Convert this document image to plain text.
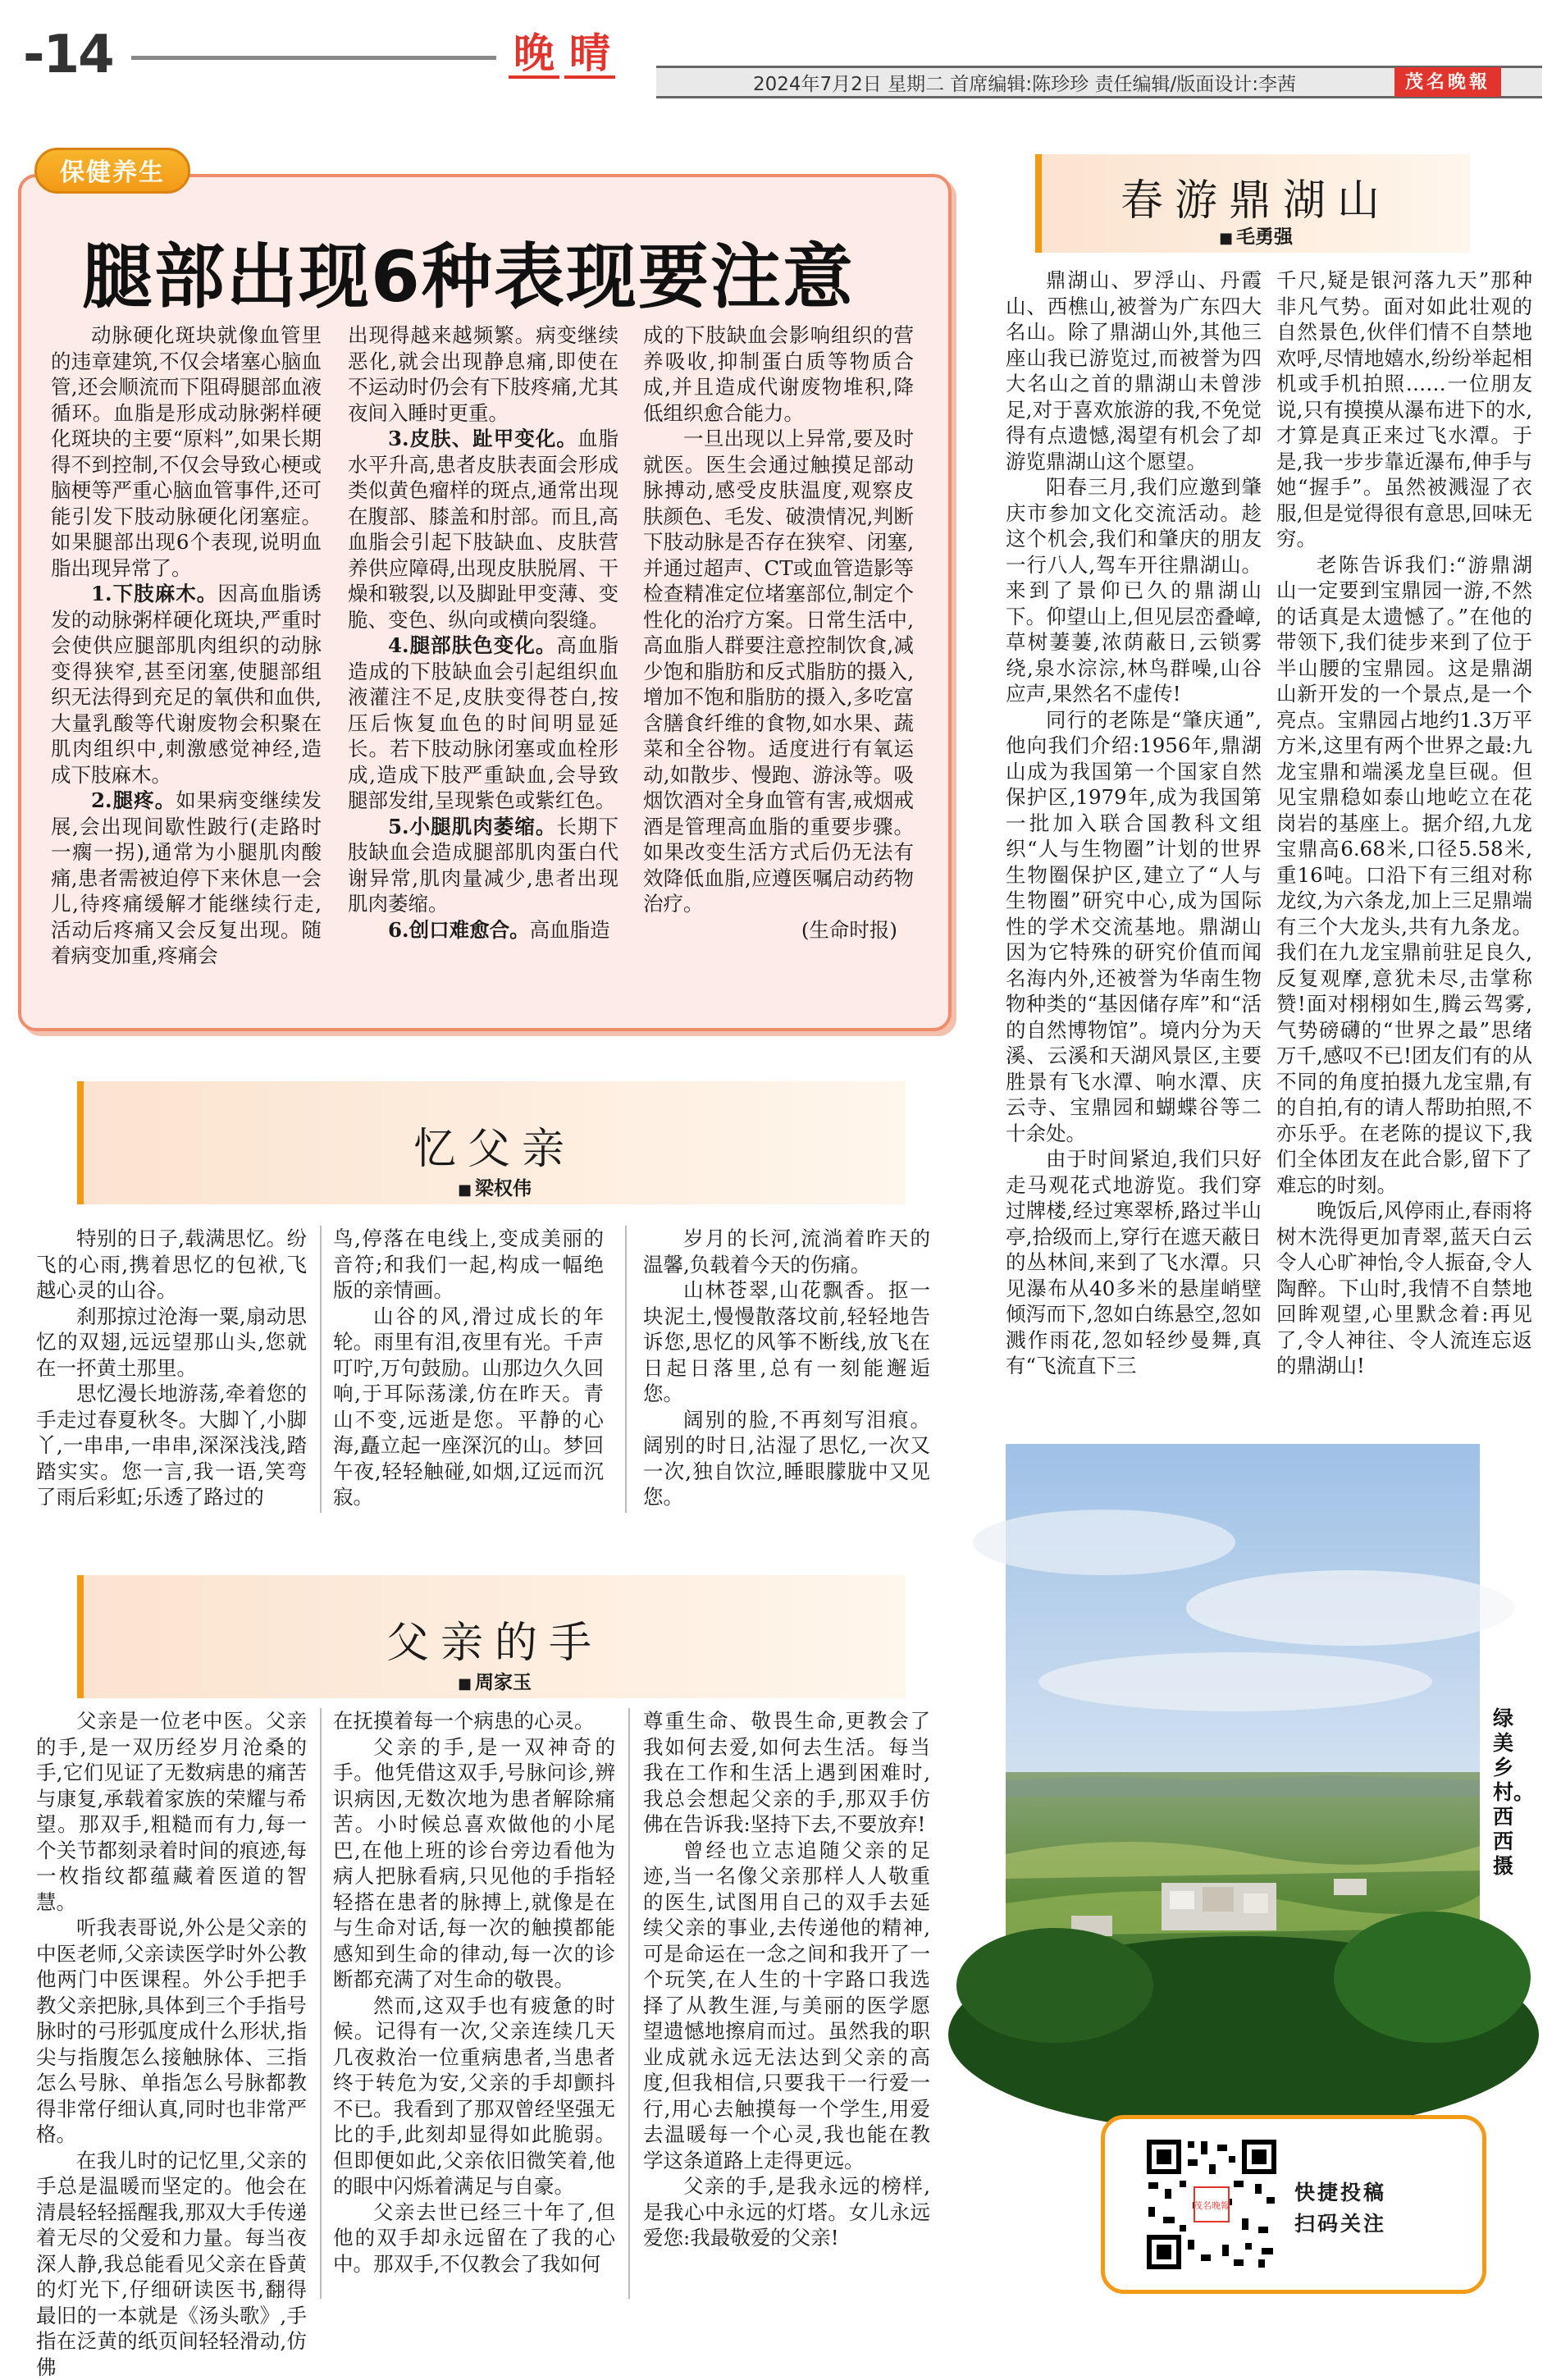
-14	晚 晴
2024年7月2日 星期二 首席编辑:陈珍珍 责任编辑/版面设计:李茜	茂名晚報
保健养生
腿部出现6种表现要注意

动脉硬化斑块就像血管里的违章建筑,不仅会堵塞心脑血管,还会顺流而下阻碍腿部血液循环。血脂是形成动脉粥样硬化斑块的主要“原料”,如果长期得不到控制,不仅会导致心梗或脑梗等严重心脑血管事件,还可能引发下肢动脉硬化闭塞症。如果腿部出现6个表现,说明血脂出现异常了。

1.下肢麻木。因高血脂诱发的动脉粥样硬化斑块,严重时会使供应腿部肌肉组织的动脉变得狭窄,甚至闭塞,使腿部组织无法得到充足的氧供和血供,大量乳酸等代谢废物会积聚在肌肉组织中,刺激感觉神经,造成下肢麻木。

2.腿疼。如果病变继续发展,会出现间歇性跛行(走路时一瘸一拐),通常为小腿肌肉酸痛,患者需被迫停下来休息一会儿,待疼痛缓解才能继续行走,活动后疼痛又会反复出现。随着病变加重,疼痛会

出现得越来越频繁。病变继续恶化,就会出现静息痛,即使在不运动时仍会有下肢疼痛,尤其夜间入睡时更重。

3.皮肤、趾甲变化。血脂水平升高,患者皮肤表面会形成类似黄色瘤样的斑点,通常出现在腹部、膝盖和肘部。而且,高血脂会引起下肢缺血、皮肤营养供应障碍,出现皮肤脱屑、干燥和皲裂,以及脚趾甲变薄、变脆、变色、纵向或横向裂缝。

4.腿部肤色变化。高血脂造成的下肢缺血会引起组织血液灌注不足,皮肤变得苍白,按压后恢复血色的时间明显延长。若下肢动脉闭塞或血栓形成,造成下肢严重缺血,会导致腿部发绀,呈现紫色或紫红色。

5.小腿肌肉萎缩。长期下肢缺血会造成腿部肌肉蛋白代谢异常,肌肉量减少,患者出现肌肉萎缩。

6.创口难愈合。高血脂造

成的下肢缺血会影响组织的营养吸收,抑制蛋白质等物质合成,并且造成代谢废物堆积,降低组织愈合能力。

一旦出现以上异常,要及时就医。医生会通过触摸足部动脉搏动,感受皮肤温度,观察皮肤颜色、毛发、破溃情况,判断下肢动脉是否存在狭窄、闭塞,并通过超声、CT或血管造影等检查精准定位堵塞部位,制定个性化的治疗方案。日常生活中,高血脂人群要注意控制饮食,减少饱和脂肪和反式脂肪的摄入,增加不饱和脂肪的摄入,多吃富含膳食纤维的食物,如水果、蔬菜和全谷物。适度进行有氧运动,如散步、慢跑、游泳等。吸烟饮酒对全身血管有害,戒烟戒酒是管理高血脂的重要步骤。如果改变生活方式后仍无法有效降低血脂,应遵医嘱启动药物治疗。

(生命时报)

春游鼎湖山
■ 毛勇强

鼎湖山、罗浮山、丹霞山、西樵山,被誉为广东四大名山。除了鼎湖山外,其他三座山我已游览过,而被誉为四大名山之首的鼎湖山未曾涉足,对于喜欢旅游的我,不免觉得有点遗憾,渴望有机会了却游览鼎湖山这个愿望。

阳春三月,我们应邀到肇庆市参加文化交流活动。趁这个机会,我们和肇庆的朋友一行八人,驾车开往鼎湖山。来到了景仰已久的鼎湖山下。仰望山上,但见层峦叠嶂,草树萋萋,浓荫蔽日,云锁雾绕,泉水淙淙,林鸟群噪,山谷应声,果然名不虚传!

同行的老陈是“肇庆通”,他向我们介绍:1956年,鼎湖山成为我国第一个国家自然保护区,1979年,成为我国第一批加入联合国教科文组织“人与生物圈”计划的世界生物圈保护区,建立了“人与生物圈”研究中心,成为国际性的学术交流基地。鼎湖山因为它特殊的研究价值而闻名海内外,还被誉为华南生物物种类的“基因储存库”和“活的自然博物馆”。境内分为天溪、云溪和天湖风景区,主要胜景有飞水潭、响水潭、庆云寺、宝鼎园和蝴蝶谷等二十余处。

由于时间紧迫,我们只好走马观花式地游览。我们穿过牌楼,经过寒翠桥,路过半山亭,拾级而上,穿行在遮天蔽日的丛林间,来到了飞水潭。只见瀑布从40多米的悬崖峭壁倾泻而下,忽如白练悬空,忽如溅作雨花,忽如轻纱曼舞,真有“飞流直下三

千尺,疑是银河落九天”那种非凡气势。面对如此壮观的自然景色,伙伴们情不自禁地欢呼,尽情地嬉水,纷纷举起相机或手机拍照……一位朋友说,只有摸摸从瀑布进下的水,才算是真正来过飞水潭。于是,我一步步靠近瀑布,伸手与她“握手”。虽然被溅湿了衣服,但是觉得很有意思,回味无穷。

老陈告诉我们:“游鼎湖山一定要到宝鼎园一游,不然的话真是太遗憾了。”在他的带领下,我们徒步来到了位于半山腰的宝鼎园。这是鼎湖山新开发的一个景点,是一个亮点。宝鼎园占地约1.3万平方米,这里有两个世界之最:九龙宝鼎和端溪龙皇巨砚。但见宝鼎稳如泰山地屹立在花岗岩的基座上。据介绍,九龙宝鼎高6.68米,口径5.58米,重16吨。口沿下有三组对称龙纹,为六条龙,加上三足鼎端有三个大龙头,共有九条龙。我们在九龙宝鼎前驻足良久,反复观摩,意犹未尽,击掌称赞!面对栩栩如生,腾云驾雾,气势磅礴的“世界之最”思绪万千,感叹不已!团友们有的从不同的角度拍摄九龙宝鼎,有的自拍,有的请人帮助拍照,不亦乐乎。在老陈的提议下,我们全体团友在此合影,留下了难忘的时刻。

晚饭后,风停雨止,春雨将树木洗得更加青翠,蓝天白云令人心旷神怡,令人振奋,令人陶醉。下山时,我情不自禁地回眸观望,心里默念着:再见了,令人神往、令人流连忘返的鼎湖山!

忆父亲
■ 梁权伟

特别的日子,载满思忆。纷飞的心雨,携着思忆的包袱,飞越心灵的山谷。

刹那掠过沧海一粟,扇动思忆的双翅,远远望那山头,您就在一抔黄土那里。

思忆漫长地游荡,牵着您的手走过春夏秋冬。大脚丫,小脚丫,一串串,一串串,深深浅浅,踏踏实实。您一言,我一语,笑弯了雨后彩虹;乐透了路过的

鸟,停落在电线上,变成美丽的音符;和我们一起,构成一幅绝版的亲情画。

山谷的风,滑过成长的年轮。雨里有泪,夜里有光。千声叮咛,万句鼓励。山那边久久回响,于耳际荡漾,仿在昨天。青山不变,远逝是您。平静的心海,矗立起一座深沉的山。梦回午夜,轻轻触碰,如烟,辽远而沉寂。

岁月的长河,流淌着昨天的温馨,负载着今天的伤痛。

山林苍翠,山花飘香。抠一块泥土,慢慢散落坟前,轻轻地告诉您,思忆的风筝不断线,放飞在日起日落里,总有一刻能邂逅您。

阔别的脸,不再刻写泪痕。阔别的时日,沾湿了思忆,一次又一次,独自饮泣,睡眼朦胧中又见您。

父亲的手
■ 周家玉

父亲是一位老中医。父亲的手,是一双历经岁月沧桑的手,它们见证了无数病患的痛苦与康复,承载着家族的荣耀与希望。那双手,粗糙而有力,每一个关节都刻录着时间的痕迹,每一枚指纹都蕴藏着医道的智慧。

听我表哥说,外公是父亲的中医老师,父亲读医学时外公教他两门中医课程。外公手把手教父亲把脉,具体到三个手指号脉时的弓形弧度成什么形状,指尖与指腹怎么接触脉体、三指怎么号脉、单指怎么号脉都教得非常仔细认真,同时也非常严格。

在我儿时的记忆里,父亲的手总是温暖而坚定的。他会在清晨轻轻摇醒我,那双大手传递着无尽的父爱和力量。每当夜深人静,我总能看见父亲在昏黄的灯光下,仔细研读医书,翻得最旧的一本就是《汤头歌》,手指在泛黄的纸页间轻轻滑动,仿佛

在抚摸着每一个病患的心灵。

父亲的手,是一双神奇的手。他凭借这双手,号脉问诊,辨识病因,无数次地为患者解除痛苦。小时候总喜欢做他的小尾巴,在他上班的诊台旁边看他为病人把脉看病,只见他的手指轻轻搭在患者的脉搏上,就像是在与生命对话,每一次的触摸都能感知到生命的律动,每一次的诊断都充满了对生命的敬畏。

然而,这双手也有疲惫的时候。记得有一次,父亲连续几天几夜救治一位重病患者,当患者终于转危为安,父亲的手却颤抖不已。我看到了那双曾经坚强无比的手,此刻却显得如此脆弱。但即便如此,父亲依旧微笑着,他的眼中闪烁着满足与自豪。

父亲去世已经三十年了,但他的双手却永远留在了我的心中。那双手,不仅教会了我如何

尊重生命、敬畏生命,更教会了我如何去爱,如何去生活。每当我在工作和生活上遇到困难时,我总会想起父亲的手,那双手仿佛在告诉我:坚持下去,不要放弃!

曾经也立志追随父亲的足迹,当一名像父亲那样人人敬重的医生,试图用自己的双手去延续父亲的事业,去传递他的精神,可是命运在一念之间和我开了一个玩笑,在人生的十字路口我选择了从教生涯,与美丽的医学愿望遗憾地擦肩而过。虽然我的职业成就永远无法达到父亲的高度,但我相信,只要我干一行爱一行,用心去触摸每一个学生,用爱去温暖每一个心灵,我也能在教学这条道路上走得更远。

父亲的手,是我永远的榜样,是我心中永远的灯塔。女儿永远爱您:我最敬爱的父亲!

绿美乡村。 西西 摄
茂名晚報
快捷投稿
扫码关注
